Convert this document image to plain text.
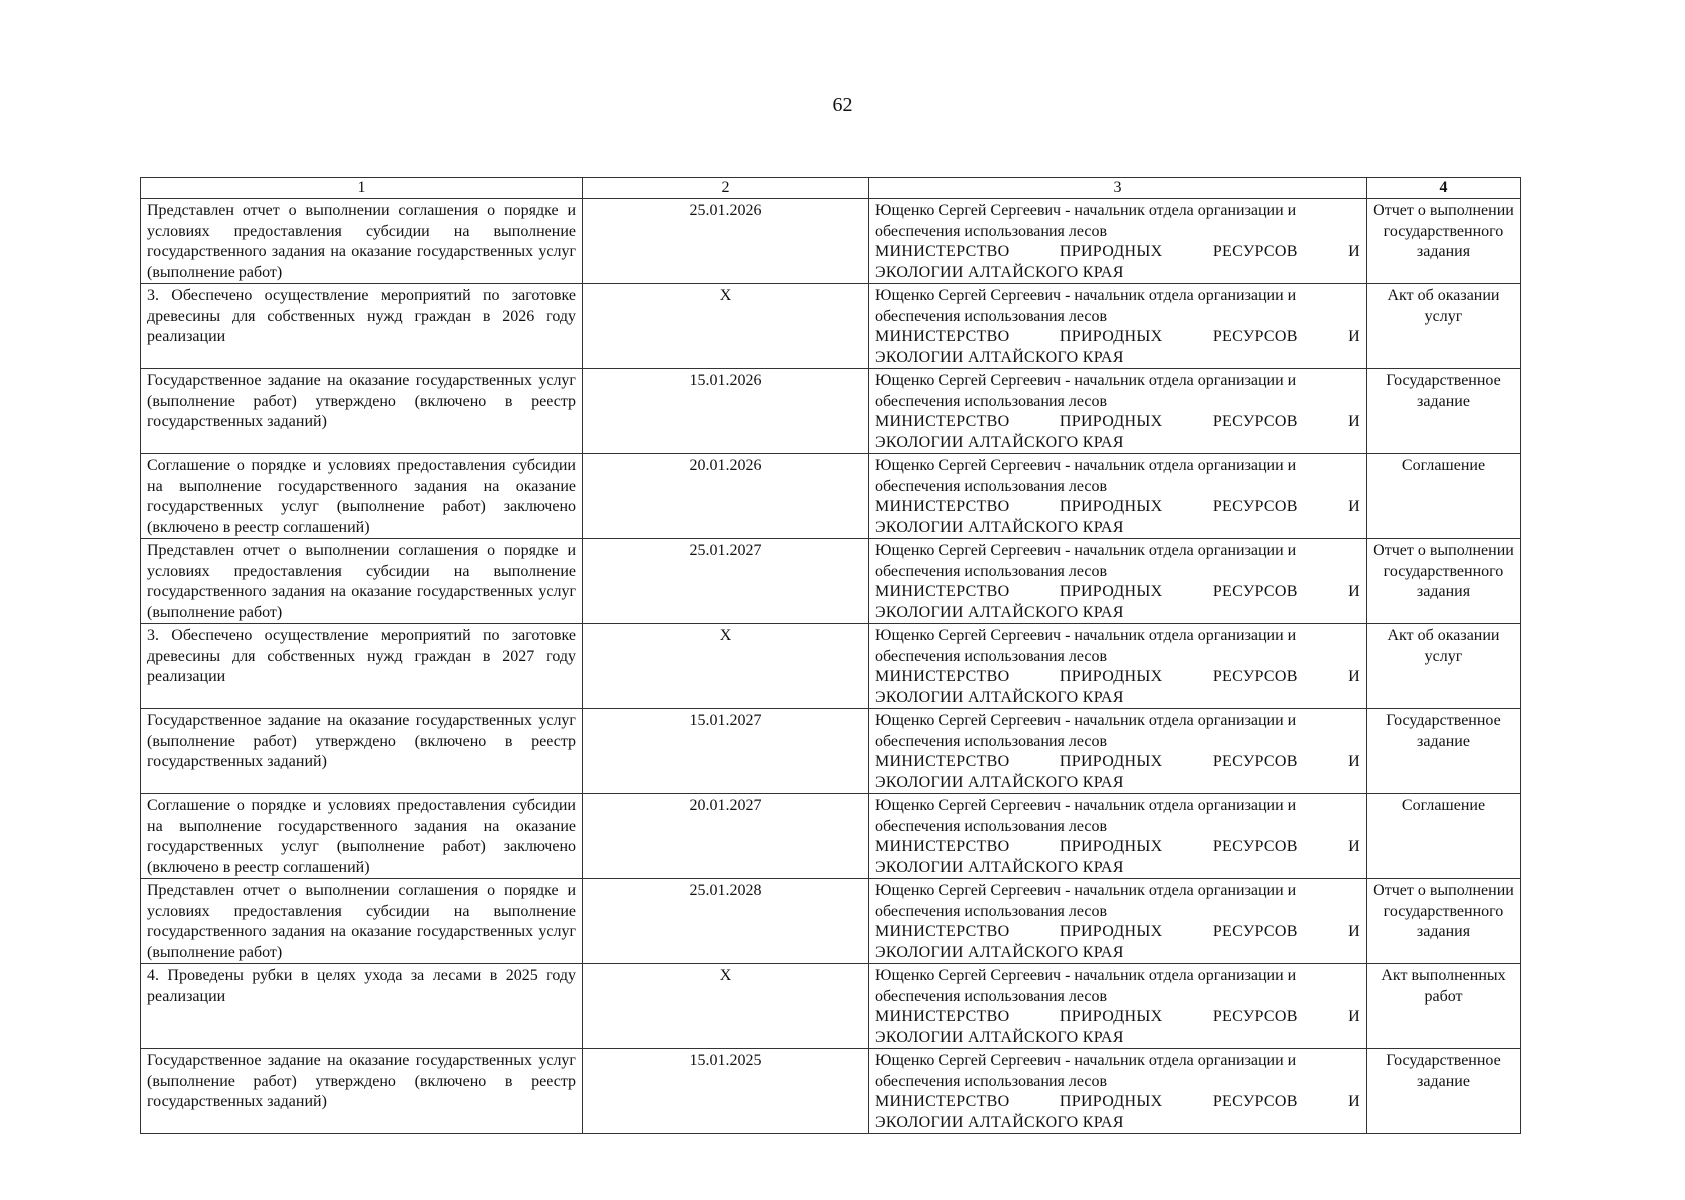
62
1	2	3	4
Представлен отчет о выполнении соглашения о порядке и условиях предоставления субсидии на выполнение государственного задания на оказание государственных услуг (выполнение работ)	25.01.2026	Ющенко Сергей Сергеевич - начальник отдела организации и обеспечения использования лесов
МИНИСТЕРСТВО ПРИРОДНЫХ РЕСУРСОВ И
ЭКОЛОГИИ АЛТАЙСКОГО КРАЯ	Отчет о выполнении государственного задания
3. Обеспечено осуществление мероприятий по заготовке древесины для собственных нужд граждан в 2026 году реализации	X	Ющенко Сергей Сергеевич - начальник отдела организации и обеспечения использования лесов
МИНИСТЕРСТВО ПРИРОДНЫХ РЕСУРСОВ И
ЭКОЛОГИИ АЛТАЙСКОГО КРАЯ	Акт об оказании услуг
Государственное задание на оказание государственных услуг (выполнение работ) утверждено (включено в реестр государственных заданий)	15.01.2026	Ющенко Сергей Сергеевич - начальник отдела организации и обеспечения использования лесов
МИНИСТЕРСТВО ПРИРОДНЫХ РЕСУРСОВ И
ЭКОЛОГИИ АЛТАЙСКОГО КРАЯ	Государственное задание
Соглашение о порядке и условиях предоставления субсидии на выполнение государственного задания на оказание государственных услуг (выполнение работ) заключено (включено в реестр соглашений)	20.01.2026	Ющенко Сергей Сергеевич - начальник отдела организации и обеспечения использования лесов
МИНИСТЕРСТВО ПРИРОДНЫХ РЕСУРСОВ И
ЭКОЛОГИИ АЛТАЙСКОГО КРАЯ	Соглашение
Представлен отчет о выполнении соглашения о порядке и условиях предоставления субсидии на выполнение государственного задания на оказание государственных услуг (выполнение работ)	25.01.2027	Ющенко Сергей Сергеевич - начальник отдела организации и обеспечения использования лесов
МИНИСТЕРСТВО ПРИРОДНЫХ РЕСУРСОВ И
ЭКОЛОГИИ АЛТАЙСКОГО КРАЯ	Отчет о выполнении государственного задания
3. Обеспечено осуществление мероприятий по заготовке древесины для собственных нужд граждан в 2027 году реализации	X	Ющенко Сергей Сергеевич - начальник отдела организации и обеспечения использования лесов
МИНИСТЕРСТВО ПРИРОДНЫХ РЕСУРСОВ И
ЭКОЛОГИИ АЛТАЙСКОГО КРАЯ	Акт об оказании услуг
Государственное задание на оказание государственных услуг (выполнение работ) утверждено (включено в реестр государственных заданий)	15.01.2027	Ющенко Сергей Сергеевич - начальник отдела организации и обеспечения использования лесов
МИНИСТЕРСТВО ПРИРОДНЫХ РЕСУРСОВ И
ЭКОЛОГИИ АЛТАЙСКОГО КРАЯ	Государственное задание
Соглашение о порядке и условиях предоставления субсидии на выполнение государственного задания на оказание государственных услуг (выполнение работ) заключено (включено в реестр соглашений)	20.01.2027	Ющенко Сергей Сергеевич - начальник отдела организации и обеспечения использования лесов
МИНИСТЕРСТВО ПРИРОДНЫХ РЕСУРСОВ И
ЭКОЛОГИИ АЛТАЙСКОГО КРАЯ	Соглашение
Представлен отчет о выполнении соглашения о порядке и условиях предоставления субсидии на выполнение государственного задания на оказание государственных услуг (выполнение работ)	25.01.2028	Ющенко Сергей Сергеевич - начальник отдела организации и обеспечения использования лесов
МИНИСТЕРСТВО ПРИРОДНЫХ РЕСУРСОВ И
ЭКОЛОГИИ АЛТАЙСКОГО КРАЯ	Отчет о выполнении государственного задания
4. Проведены рубки в целях ухода за лесами в 2025 году реализации	X	Ющенко Сергей Сергеевич - начальник отдела организации и обеспечения использования лесов
МИНИСТЕРСТВО ПРИРОДНЫХ РЕСУРСОВ И
ЭКОЛОГИИ АЛТАЙСКОГО КРАЯ	Акт выполненных работ
Государственное задание на оказание государственных услуг (выполнение работ) утверждено (включено в реестр государственных заданий)	15.01.2025	Ющенко Сергей Сергеевич - начальник отдела организации и обеспечения использования лесов
МИНИСТЕРСТВО ПРИРОДНЫХ РЕСУРСОВ И
ЭКОЛОГИИ АЛТАЙСКОГО КРАЯ	Государственное задание
